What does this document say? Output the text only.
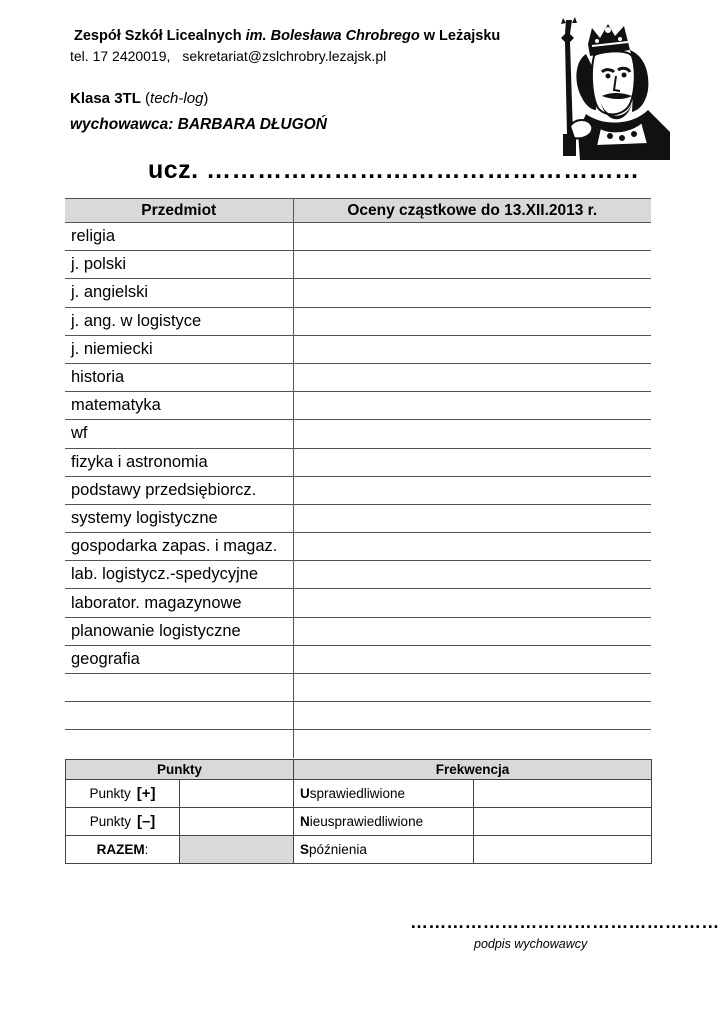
Zespół Szkół Licealnych im. Bolesława Chrobrego w Leżajsku
tel. 17 2420019, sekretariat@zslchrobry.lezajsk.pl
Klasa 3TL (tech-log)
wychowawca: BARBARA DŁUGOŃ
ucz. ……………………………………………
Przedmiot	Oceny cząstkowe do 13.XII.2013 r.
religia	
j. polski	
j. angielski	
j. ang. w logistyce	
j. niemiecki	
historia	
matematyka	
wf	
fizyka i astronomia	
podstawy przedsiębiorcz.	
systemy logistyczne	
gospodarka zapas. i magaz.	
lab. logistycz.-spedycyjne	
laborator. magazynowe	
planowanie logistyczne	
geografia	

Punkty		Frekwencja	
Punkty [+]		Usprawiedliwione	
Punkty [–]		Nieusprawiedliwione	
RAZEM:		Spóźnienia	
……………………………………………
podpis wychowawcy
